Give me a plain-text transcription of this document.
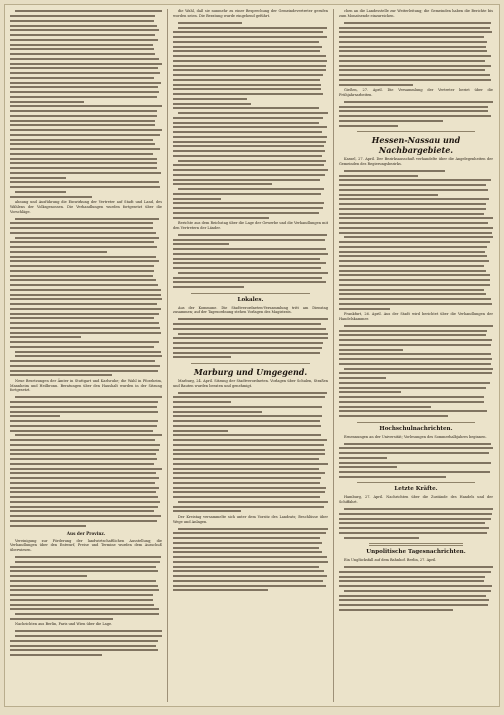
ahnung und Ausführung die Einwirkung der Vertreter auf Stadt und Land, des Wählens der Volksgenossen. Die Verhandlungen wurden fortgesetzt über die Vorschläge.

Neue Besetzungen der Ämter in Stuttgart und Karlsruhe; die Wahl in Pforzheim, Mannheim und Heilbronn. Beratungen über den Haushalt wurden in der Sitzung fortgesetzt.

Aus der Provinz.

Vereinigung zur Förderung der landwirtschaftlichen Ausstellung; die Verhandlungen über den Entwurf, Preise und Termine wurden dem Ausschuß überwiesen.

Nachrichten aus Berlin, Paris und Wien über die Lage.

die Wahl, daß sie nunmehr zu einer Besprechung der Gemeindevertreter gerufen worden seien. Die Beratung wurde eingehend geführt.

Berichte aus dem Reichstag über die Lage der Gewerbe und die Verhandlungen mit den Vertretern der Länder.

Lokales.

Aus der Kommune. Die Stadtverordneten-Versammlung tritt am Dienstag zusammen; auf der Tagesordnung stehen Vorlagen des Magistrats.

Marburg und Umgegend.

Marburg, 24. April. Sitzung der Stadtverordneten. Vorlagen über Schulen, Straßen und Bauten wurden beraten und genehmigt.

Der Kreistag versammelte sich unter dem Vorsitz des Landrats; Beschlüsse über Wege und Anlagen.

chen an die Landesstelle zur Weiterleitung; die Gemeinden haben die Berichte bis zum Monatsende einzureichen.

Gießen, 27. April. Die Versammlung der Vertreter beriet über die Frühjahrsarbeiten.

Hessen-Nassau und Nachbargebiete.

Kassel, 27. April. Der Bezirksausschuß verhandelte über die Angelegenheiten der Gemeinden des Regierungsbezirks.

Frankfurt, 26. April. Aus der Stadt wird berichtet über die Verhandlungen der Handelskammer.

Hochschulnachrichten.

Ernennungen an der Universität; Vorlesungen des Sommerhalbjahres beginnen.

Letzte Kräfte.

Hamburg, 27. April. Nachrichten über die Zustände des Handels und der Schiffahrt.

Unpolitische Tagesnachrichten.

Ein Unglücksfall auf dem Bahnhof. Berlin, 27. April.
